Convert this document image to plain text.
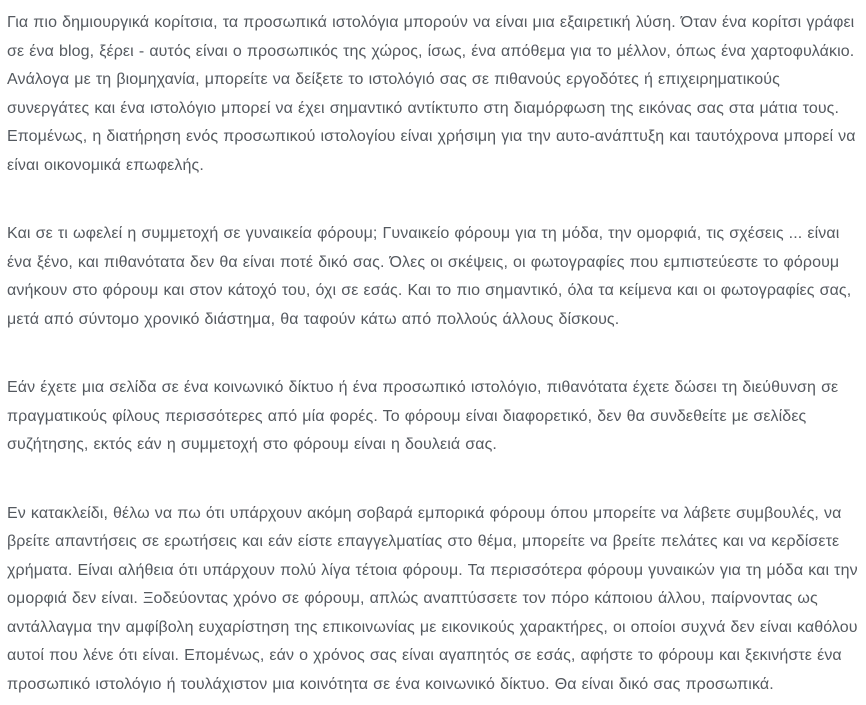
Για πιο δημιουργικά κορίτσια, τα προσωπικά ιστολόγια μπορούν να είναι μια εξαιρετική λύση. Όταν ένα κορίτσι γράφει σε ένα blog, ξέρει - αυτός είναι ο προσωπικός της χώρος, ίσως, ένα απόθεμα για το μέλλον, όπως ένα χαρτοφυλάκιο. Ανάλογα με τη βιομηχανία, μπορείτε να δείξετε το ιστολόγιό σας σε πιθανούς εργοδότες ή επιχειρηματικούς συνεργάτες και ένα ιστολόγιο μπορεί να έχει σημαντικό αντίκτυπο στη διαμόρφωση της εικόνας σας στα μάτια τους. Επομένως, η διατήρηση ενός προσωπικού ιστολογίου είναι χρήσιμη για την αυτο-ανάπτυξη και ταυτόχρονα μπορεί να είναι οικονομικά επωφελής.

Και σε τι ωφελεί η συμμετοχή σε γυναικεία φόρουμ; Γυναικείο φόρουμ για τη μόδα, την ομορφιά, τις σχέσεις ... είναι ένα ξένο, και πιθανότατα δεν θα είναι ποτέ δικό σας. Όλες οι σκέψεις, οι φωτογραφίες που εμπιστεύεστε το φόρουμ ανήκουν στο φόρουμ και στον κάτοχό του, όχι σε εσάς. Και το πιο σημαντικό, όλα τα κείμενα και οι φωτογραφίες σας, μετά από σύντομο χρονικό διάστημα, θα ταφούν κάτω από πολλούς άλλους δίσκους.

Εάν έχετε μια σελίδα σε ένα κοινωνικό δίκτυο ή ένα προσωπικό ιστολόγιο, πιθανότατα έχετε δώσει τη διεύθυνση σε πραγματικούς φίλους περισσότερες από μία φορές. Το φόρουμ είναι διαφορετικό, δεν θα συνδεθείτε με σελίδες συζήτησης, εκτός εάν η συμμετοχή στο φόρουμ είναι η δουλειά σας.

Εν κατακλείδι, θέλω να πω ότι υπάρχουν ακόμη σοβαρά εμπορικά φόρουμ όπου μπορείτε να λάβετε συμβουλές, να βρείτε απαντήσεις σε ερωτήσεις και εάν είστε επαγγελματίας στο θέμα, μπορείτε να βρείτε πελάτες και να κερδίσετε χρήματα. Είναι αλήθεια ότι υπάρχουν πολύ λίγα τέτοια φόρουμ. Τα περισσότερα φόρουμ γυναικών για τη μόδα και την ομορφιά δεν είναι. Ξοδεύοντας χρόνο σε φόρουμ, απλώς αναπτύσσετε τον πόρο κάποιου άλλου, παίρνοντας ως αντάλλαγμα την αμφίβολη ευχαρίστηση της επικοινωνίας με εικονικούς χαρακτήρες, οι οποίοι συχνά δεν είναι καθόλου αυτοί που λένε ότι είναι. Επομένως, εάν ο χρόνος σας είναι αγαπητός σε εσάς, αφήστε το φόρουμ και ξεκινήστε ένα προσωπικό ιστολόγιο ή τουλάχιστον μια κοινότητα σε ένα κοινωνικό δίκτυο. Θα είναι δικό σας προσωπικά.
